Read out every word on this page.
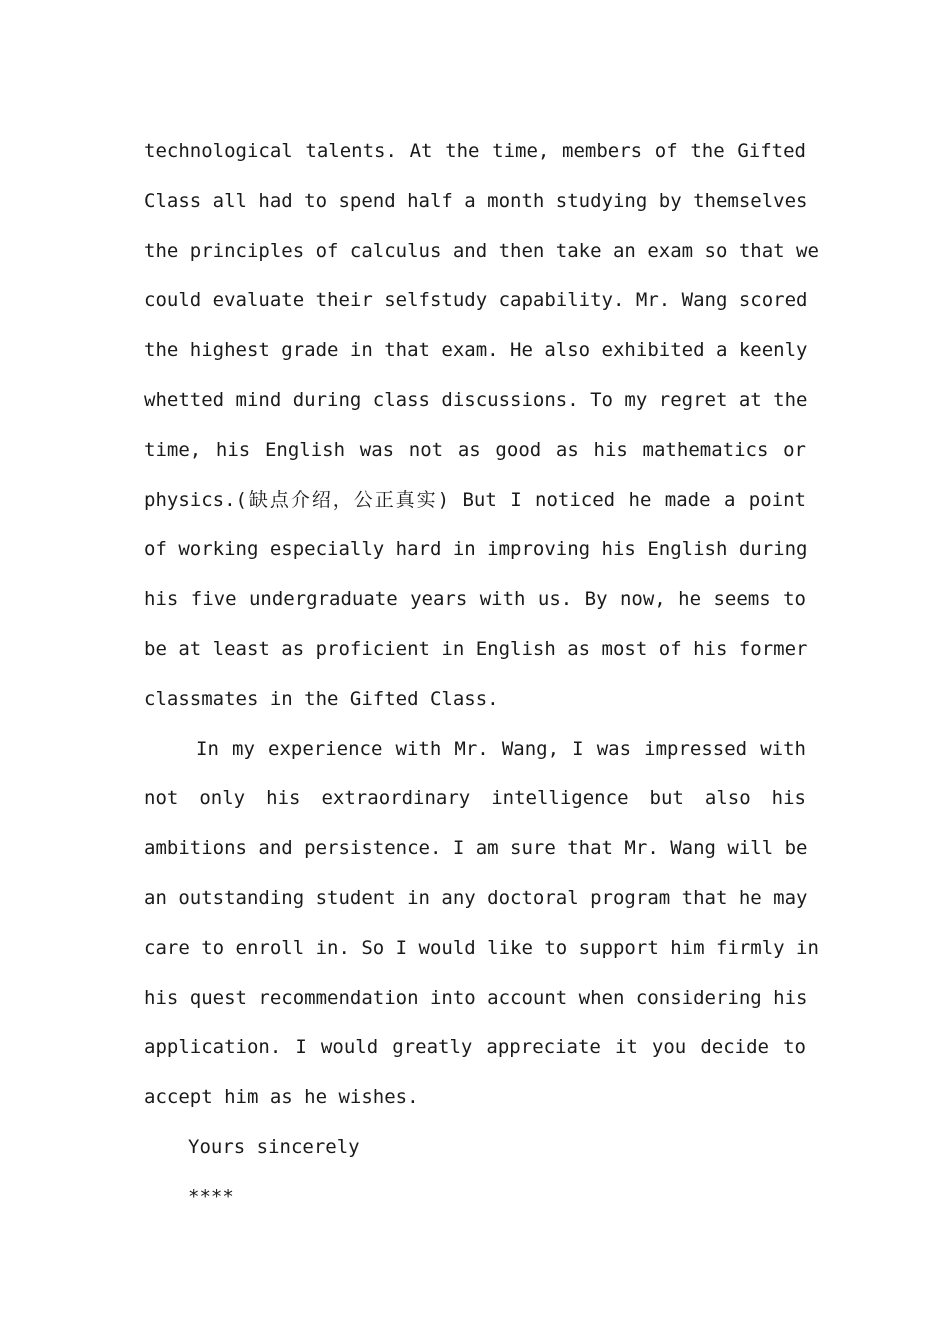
technological talents. At the time, members of the Gifted
Class all had to spend half a month studying by themselves
the principles of calculus and then take an exam so that we
could evaluate their selfstudy capability. Mr. Wang scored
the highest grade in that exam. He also exhibited a keenly
whetted mind during class discussions. To my regret at the
time, his English was not as good as his mathematics or
physics.(缺点介绍，公正真实) But I noticed he made a point
of working especially hard in improving his English during
his five undergraduate years with us. By now, he seems to
be at least as proficient in English as most of his former
classmates in the Gifted Class.
In my experience with Mr. Wang, I was impressed with
not only his extraordinary intelligence but also his
ambitions and persistence. I am sure that Mr. Wang will be
an outstanding student in any doctoral program that he may
care to enroll in. So I would like to support him firmly in
his quest recommendation into account when considering his
application. I would greatly appreciate it you decide to
accept him as he wishes.
Yours sincerely
****
